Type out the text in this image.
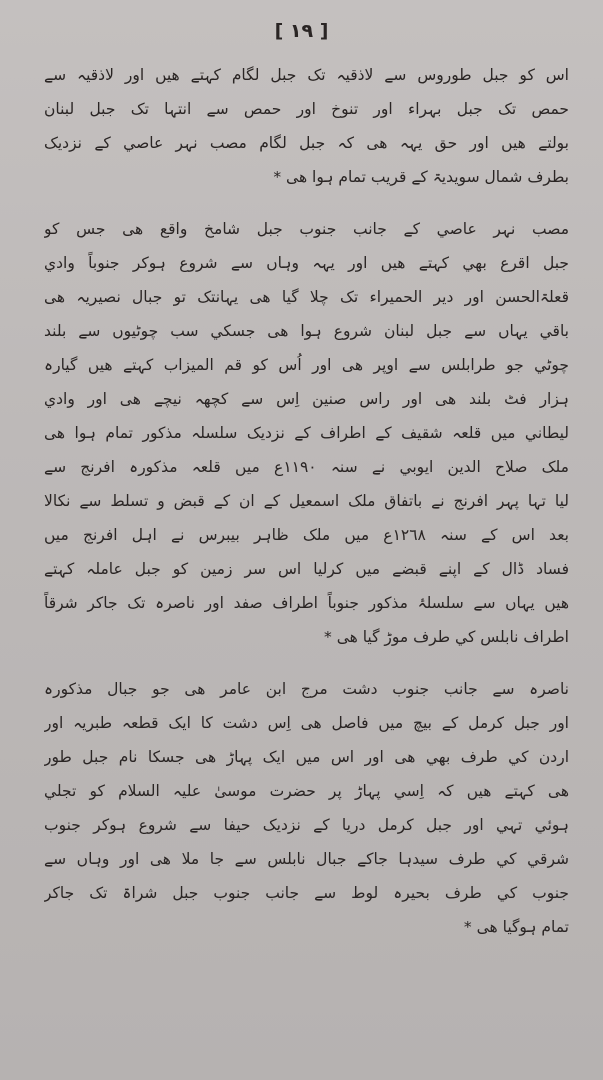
[ ١٩ ]
اس کو جبل طوروس سے لاذقیہ تک جبل لگام کہتے ھیں اور لاذقیہ سے
حمص تک جبل بہراء اور تنوخ اور حمص سے انتہا تک جبل لبنان
بولتے ھیں اور حق یہہ ھی کہ جبل لگام مصب نہر عاصي کے نزدیک
بطرف شمال سویدیۃ کے قریب تمام ہوا ھی *
مصب نہر عاصي کے جانب جنوب جبل شامخ واقع ھی جس کو
جبل اقرع بھي کہتے ھیں اور یہہ وہاں سے شروع ہوکر جنوباً وادي
قعلۃالحسن اور دیر الحمیراء تک چلا گیا ھی یہانتک تو جبال نصیریہ ھی
باقي یہاں سے جبل لبنان شروع ہوا ھی جسکي سب چوٹیوں سے بلند
چوٹي جو طرابلس سے اوپر ھی اور اُس کو قم المیزاب کہتے ھیں گیارہ
ہزار فٹ بلند ھی اور راس صنین اِس سے کچھہ نیچے ھی اور وادي
لیطاني میں قلعہ شقیف کے اطراف کے نزدیک سلسلہ مذکور تمام ہوا ھی
ملک صلاح الدین ایوبي نے سنہ ١١٩٠ع میں قلعہ مذکورہ افرنج سے
لیا تہا پہر افرنج نے باتفاق ملک اسمعیل کے ان کے قبض و تسلط سے نکالا
بعد اس کے سنہ ١٢٦٨ع میں ملک ظاہر بیبرس نے اہل افرنج میں
فساد ڈال کے اپنے قبضے میں کرلیا اس سر زمین کو جبل عاملہ کہتے
ھیں یہاں سے سلسلۂ مذکور جنوباً اطراف صفد اور ناصرہ تک جاکر شرقاً
اطراف نابلس کي طرف موڑ گیا ھی *
ناصرہ سے جانب جنوب دشت مرج ابن عامر ھی جو جبال مذکورہ
اور جبل کرمل کے بیچ میں فاصل ھی اِس دشت کا ایک قطعہ طبریہ اور
اردن کي طرف بھي ھی اور اس میں ایک پہاڑ ھی جسکا نام جبل طور
ھی کہتے ھیں کہ اِسي پہاڑ پر حضرت موسیٰ علیہ السلام کو تجلي
ہوئي تہي اور جبل کرمل دریا کے نزدیک حیفا سے شروع ہوکر جنوب
شرقي کي طرف سیدہا جاکے جبال نابلس سے جا ملا ھی اور وہاں سے
جنوب کي طرف بحیرہ لوط سے جانب جنوب جبل شراۃ تک جاکر
تمام ہوگیا ھی *
